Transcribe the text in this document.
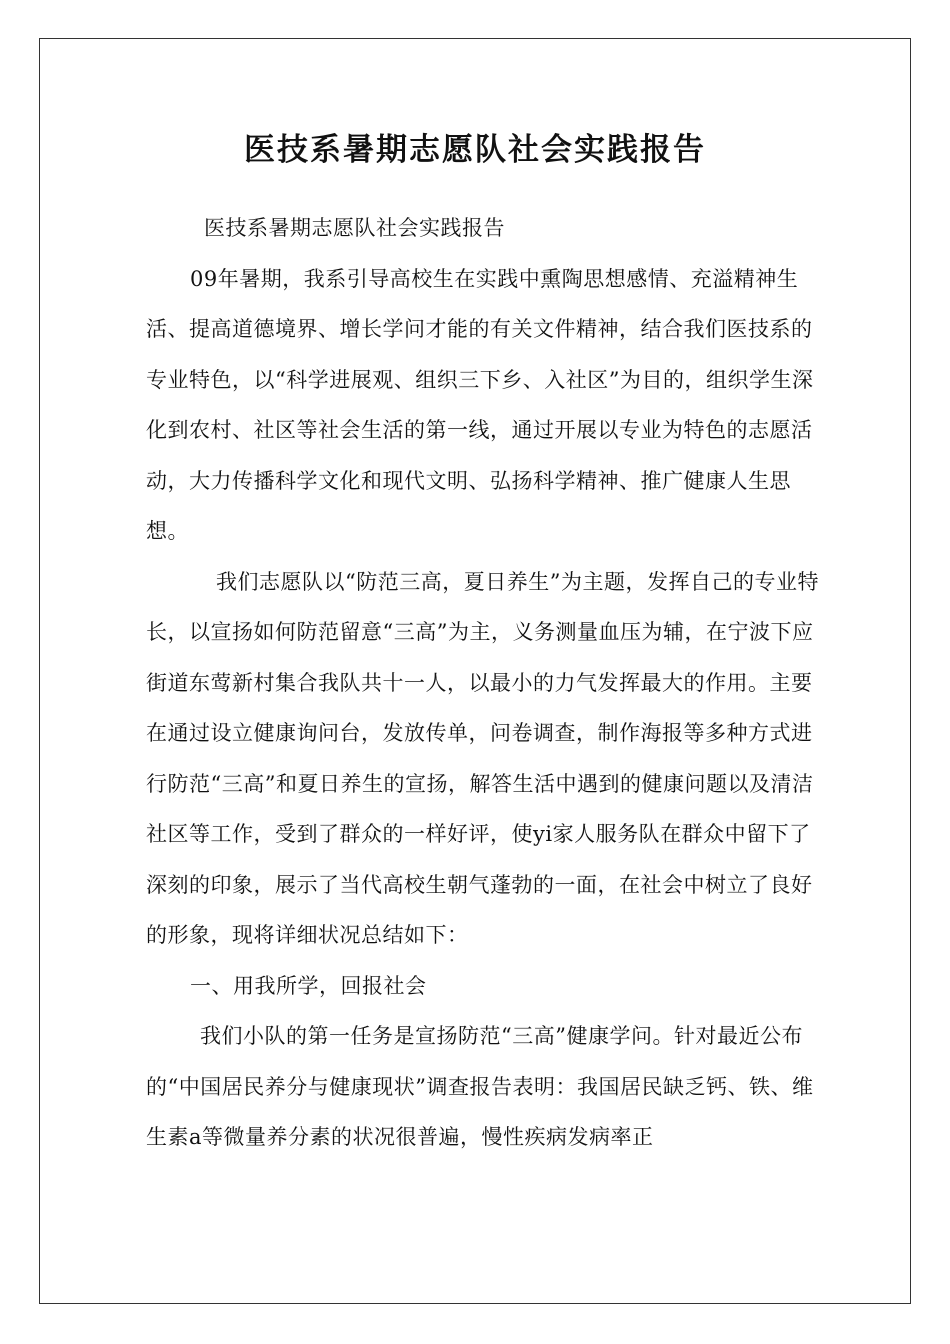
医技系暑期志愿队社会实践报告

医技系暑期志愿队社会实践报告

09年暑期，我系引导高校生在实践中熏陶思想感情、充溢精神生活、提高道德境界、增长学问才能的有关文件精神，结合我们医技系的专业特色，以“科学进展观、组织三下乡、入社区”为目的，组织学生深化到农村、社区等社会生活的第一线，通过开展以专业为特色的志愿活动，大力传播科学文化和现代文明、弘扬科学精神、推广健康人生思想。

我们志愿队以“防范三高，夏日养生”为主题，发挥自己的专业特长，以宣扬如何防范留意“三高”为主，义务测量血压为辅，在宁波下应街道东莺新村集合我队共十一人，以最小的力气发挥最大的作用。主要在通过设立健康询问台，发放传单，问卷调查，制作海报等多种方式进行防范“三高”和夏日养生的宣扬，解答生活中遇到的健康问题以及清洁社区等工作，受到了群众的一样好评，使yi家人服务队在群众中留下了深刻的印象，展示了当代高校生朝气蓬勃的一面，在社会中树立了良好的形象，现将详细状况总结如下：

一、用我所学，回报社会

我们小队的第一任务是宣扬防范“三高”健康学问。针对最近公布的“中国居民养分与健康现状”调查报告表明：我国居民缺乏钙、铁、维生素a等微量养分素的状况很普遍，慢性疾病发病率正
